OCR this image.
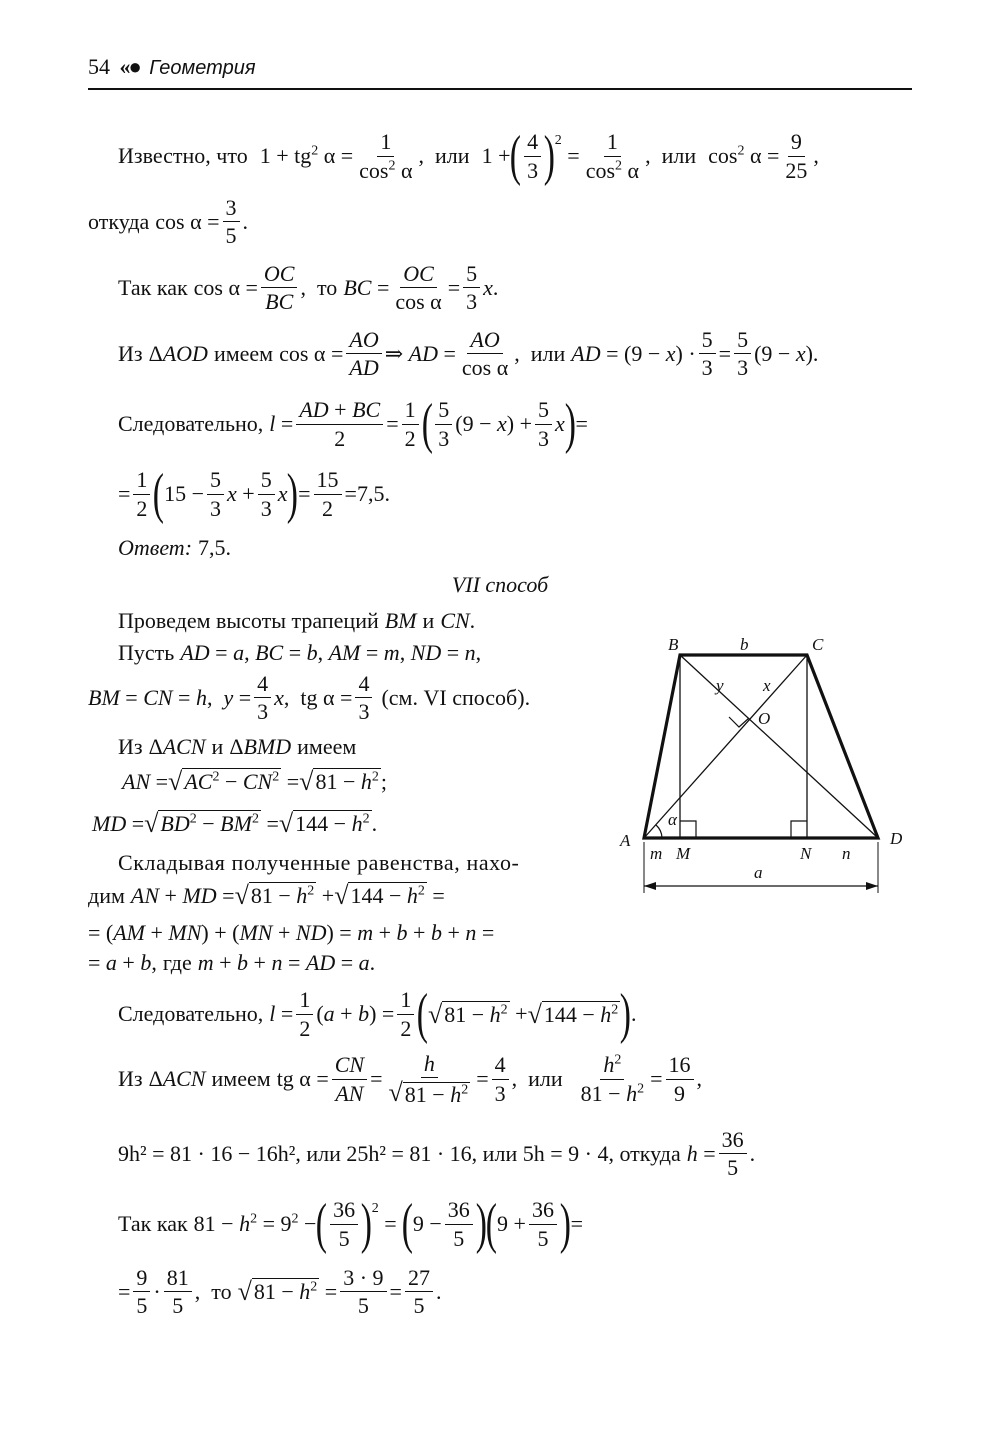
54 «● Геометрия
Известно, что $1 + tg^2$ $\alpha = \frac{1}{\cos^2 \alpha}$ , или 1 + ( $\frac{4}{3}$ ) 2
= $\frac{1}{\cos^2 \alpha}$ , или $\cos^2 \alpha = \frac{9}{25}$ ,
откуда $\cos \alpha = \frac{3}{5}$ .
Так как $\cos \alpha = \frac{OC}{BC}$ , то BC = $\frac{OC}{\text{cos α}} = \frac{5}{3}$ x .
Из ΔAOD имеем $\cos \alpha = \frac{AO}{AD}$ ⇒ AD = $\frac{AO}{\text{cos α}}$ , или AD = $(9 - x) \cdot \frac{5}{3} = \frac{5}{3} (9 - x)$.
Следовательно, $l = \frac{AD + BC}{2} = \frac{1}{2}$ ( $\frac{5}{3} (9 - x) + \frac{5}{3}$ x ) =
= $\frac{1}{2}$ ( $15 - \frac{5}{3}$ $x + \frac{5}{3}$ x ) = $\frac{15}{2} = 7,5$.
Ответ: 7,5.
VII способ
Проведем высоты трапеций BM и CN .
Пусть AD = a, BC = b, AM = m, ND = n,
BM = CN = h,  $y = \frac{4}{3} x$,  tg $\alpha = \frac{4}{3} (см$. VI способ).
Из ΔACN и ΔBMD имеем
AN = √ $AC^2 - CN^2$ = √ $81 - h^2$ ;
MD = √ $BD^2 - BM^2$ = √ $144 - h^2$ .
Складывая полученные равенства, нахо-
дим AN + MD = √ $81 - h^2$ + √ $144 - h^2$ =
= (AM + MN) + (MN + ND) = m + b + b + n =
= a + b, где m + b + n = AD = a.
Следовательно, $l = \frac{1}{2} (a + b) = \frac{1}{2}$ ( √ $81 - h^2$ + √ $144 - h^2$ ) .
Из ΔACN имеем tg $\alpha = \frac{CN}{AN} = \frac{h}{√ 81 - h^2} = \frac{4}{3}$ , или $\frac{h^2}{81 - h^2} = \frac{16}{9}$ ,
9h² = 81 · 16 − 16h², или 25h² = 81 · 16, или 5h = 9 · 4, откуда $h = \frac{36}{5}$ .
Так как $81 - h^2 = 9^2$ − ( $\frac{36}{5}$ ) 2
= ( $9 - \frac{36}{5}$ ) ( $9 + \frac{36}{5}$ ) =
= $\frac{9}{5} \cdot \frac{81}{5}$ , то √ $81 - h^2 = \frac{3 \cdot 9}{5} = \frac{27}{5}$ .
B	b	C
y x
O
α
A	D
m M	N n
a
